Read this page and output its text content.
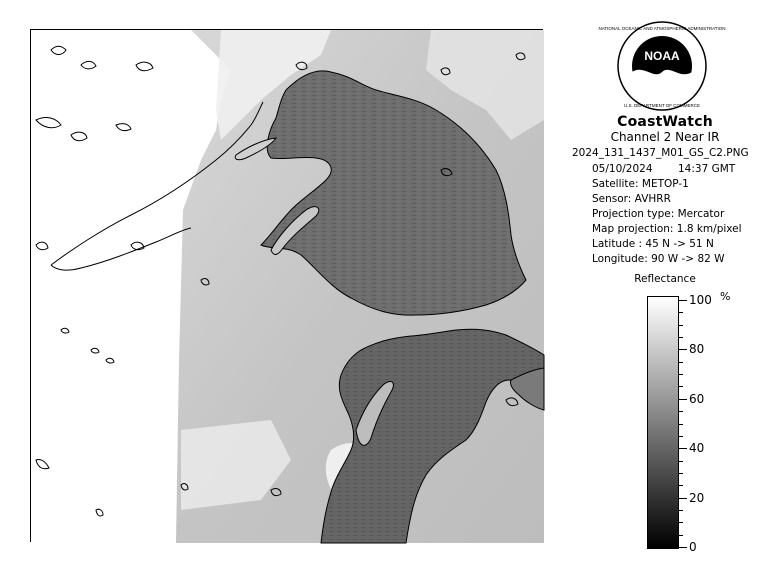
NOAA
NATIONAL OCEANIC AND ATMOSPHERIC ADMINISTRATION
U.S. DEPARTMENT OF COMMERCE
CoastWatch
Channel 2 Near IR
2024_131_1437_M01_GS_C2.PNG
05/10/2024 14:37 GMT
Satellite: METOP-1
Sensor: AVHRR
Projection type: Mercator
Map projection: 1.8 km/pixel
Latitude : 45 N -> 51 N
Longitude: 90 W -> 82 W
Reflectance
%
0
20
40
60
80
100
